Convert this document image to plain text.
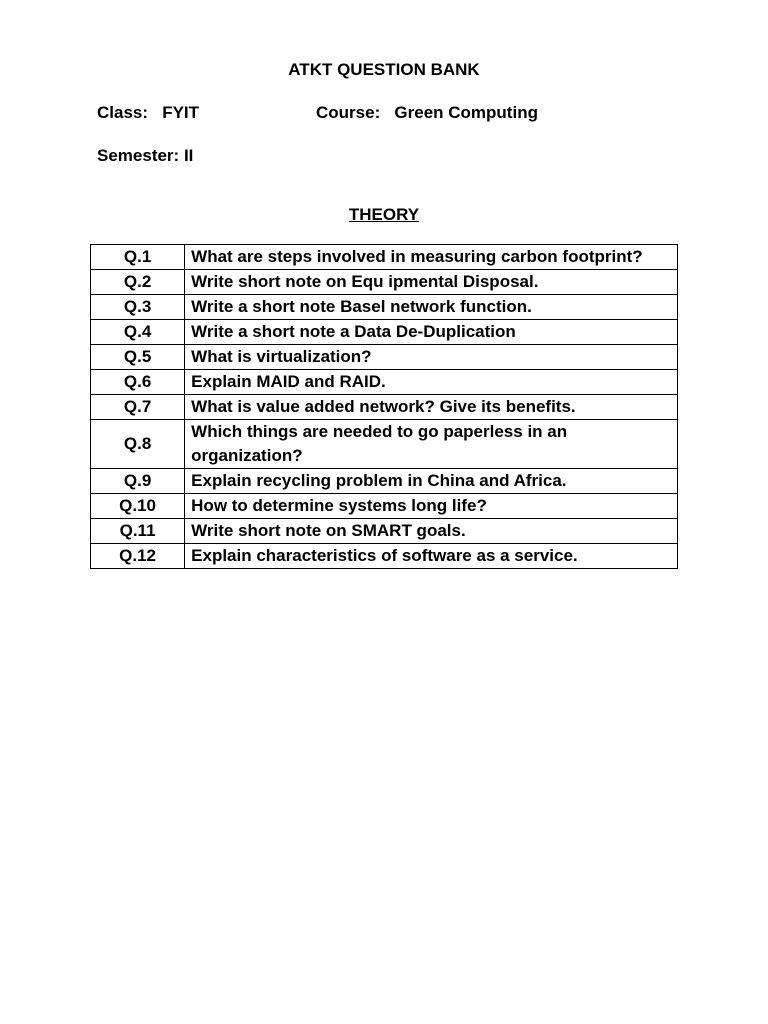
ATKT QUESTION BANK
Class: FYIT	Course: Green Computing
Semester: II
THEORY
Q.1	What are steps involved in measuring carbon footprint?
Q.2	Write short note on Equ ipmental Disposal.
Q.3	Write a short note Basel network function.
Q.4	Write a short note a Data De-Duplication
Q.5	What is virtualization?
Q.6	Explain MAID and RAID.
Q.7	What is value added network? Give its benefits.
Q.8	Which things are needed to go paperless in an organization?
Q.9	Explain recycling problem in China and Africa.
Q.10	How to determine systems long life?
Q.11	Write short note on SMART goals.
Q.12	Explain characteristics of software as a service.
